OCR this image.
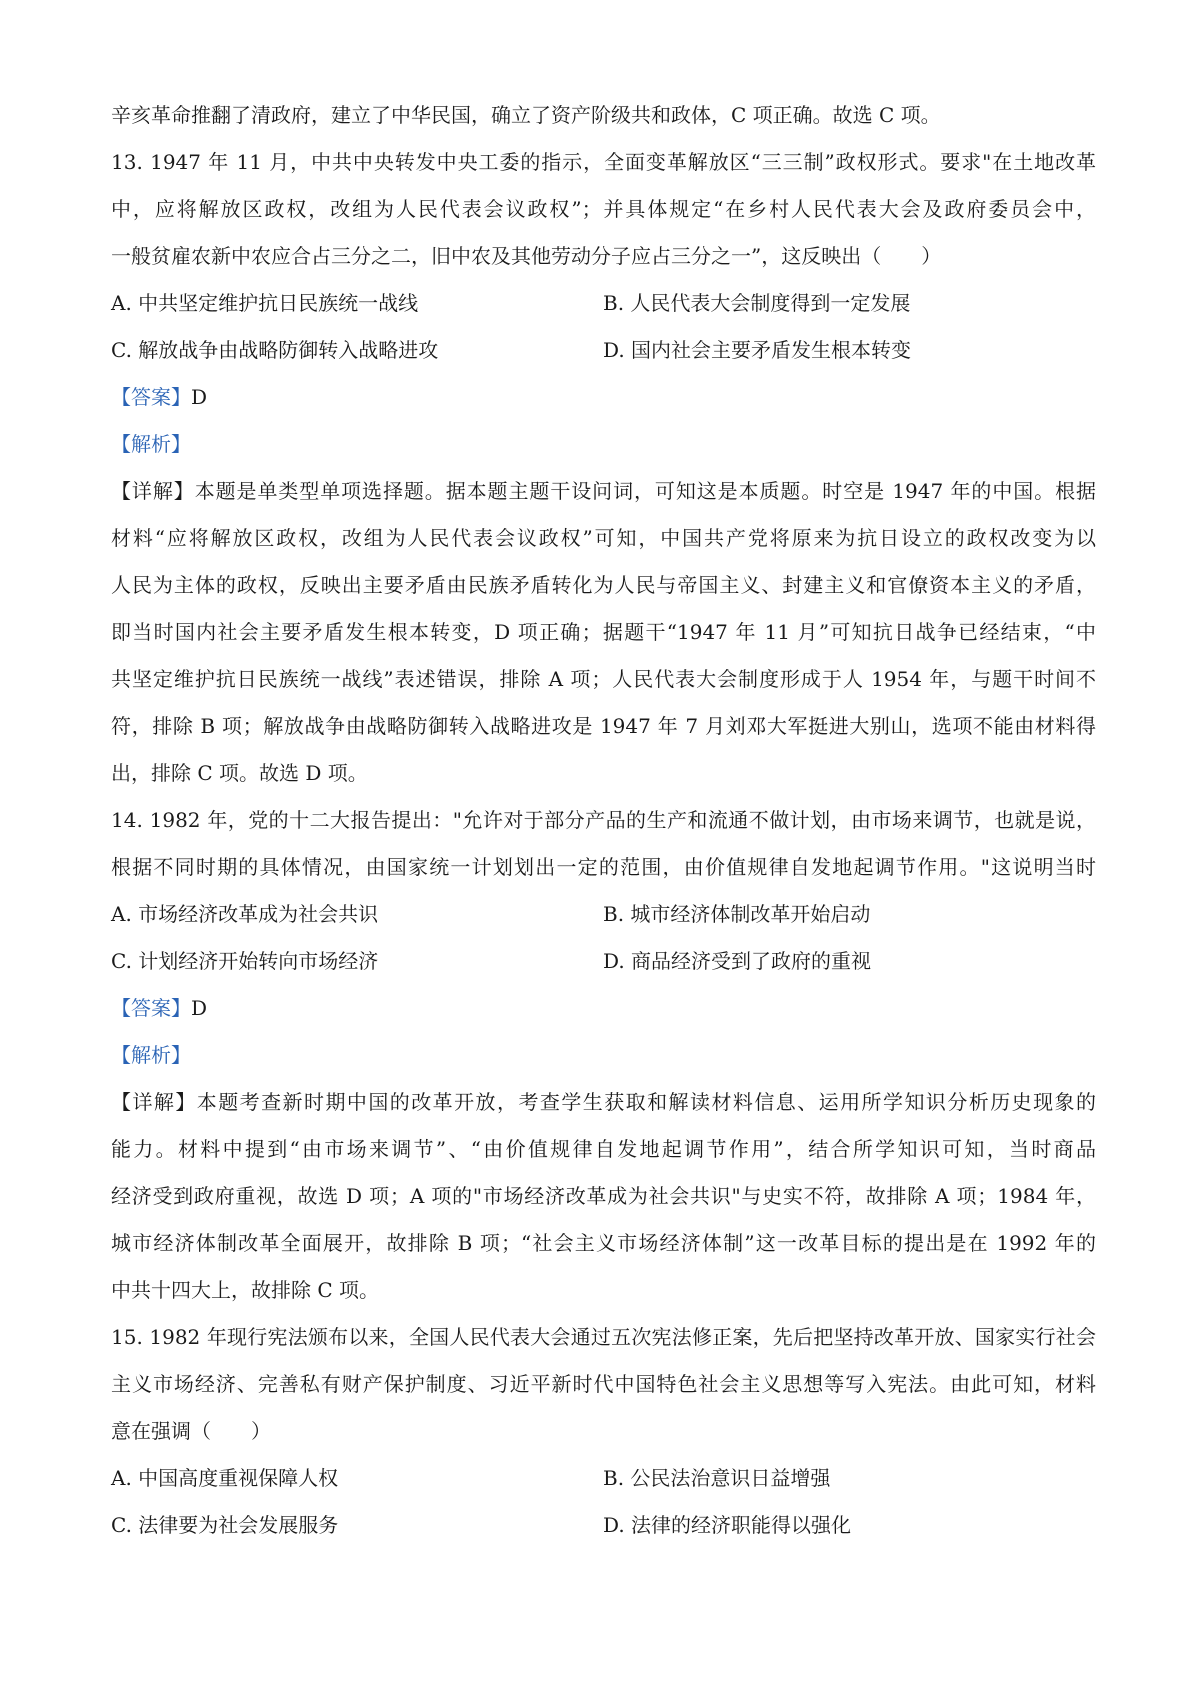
辛亥革命推翻了清政府，建立了中华民国，确立了资产阶级共和政体，C 项正确。故选 C 项。
13. 1947 年 11 月，中共中央转发中央工委的指示，全面变革解放区“三三制”政权形式。要求"在土地改革
中，应将解放区政权，改组为人民代表会议政权”；并具体规定“在乡村人民代表大会及政府委员会中，
一般贫雇农新中农应合占三分之二，旧中农及其他劳动分子应占三分之一”，这反映出（　　）
A. 中共坚定维护抗日民族统一战线	B. 人民代表大会制度得到一定发展
C. 解放战争由战略防御转入战略进攻	D. 国内社会主要矛盾发生根本转变
【答案】D
【解析】
【详解】本题是单类型单项选择题。据本题主题干设问词，可知这是本质题。时空是 1947 年的中国。根据
材料“应将解放区政权，改组为人民代表会议政权”可知，中国共产党将原来为抗日设立的政权改变为以
人民为主体的政权，反映出主要矛盾由民族矛盾转化为人民与帝国主义、封建主义和官僚资本主义的矛盾，
即当时国内社会主要矛盾发生根本转变，D 项正确；据题干“1947 年 11 月”可知抗日战争已经结束，“中
共坚定维护抗日民族统一战线”表述错误，排除 A 项；人民代表大会制度形成于人 1954 年，与题干时间不
符，排除 B 项；解放战争由战略防御转入战略进攻是 1947 年 7 月刘邓大军挺进大别山，选项不能由材料得
出，排除 C 项。故选 D 项。
14. 1982 年，党的十二大报告提出："允许对于部分产品的生产和流通不做计划，由市场来调节，也就是说，
根据不同时期的具体情况，由国家统一计划划出一定的范围，由价值规律自发地起调节作用。"这说明当时
A. 市场经济改革成为社会共识	B. 城市经济体制改革开始启动
C. 计划经济开始转向市场经济	D. 商品经济受到了政府的重视
【答案】D
【解析】
【详解】本题考查新时期中国的改革开放，考查学生获取和解读材料信息、运用所学知识分析历史现象的
能力。材料中提到“由市场来调节”、“由价值规律自发地起调节作用”，结合所学知识可知，当时商品
经济受到政府重视，故选 D 项；A 项的"市场经济改革成为社会共识"与史实不符，故排除 A 项；1984 年，
城市经济体制改革全面展开，故排除 B 项；“社会主义市场经济体制”这一改革目标的提出是在 1992 年的
中共十四大上，故排除 C 项。
15. 1982 年现行宪法颁布以来，全国人民代表大会通过五次宪法修正案，先后把坚持改革开放、国家实行社会
主义市场经济、完善私有财产保护制度、习近平新时代中国特色社会主义思想等写入宪法。由此可知，材料
意在强调（　　）
A. 中国高度重视保障人权	B. 公民法治意识日益增强
C. 法律要为社会发展服务	D. 法律的经济职能得以强化
